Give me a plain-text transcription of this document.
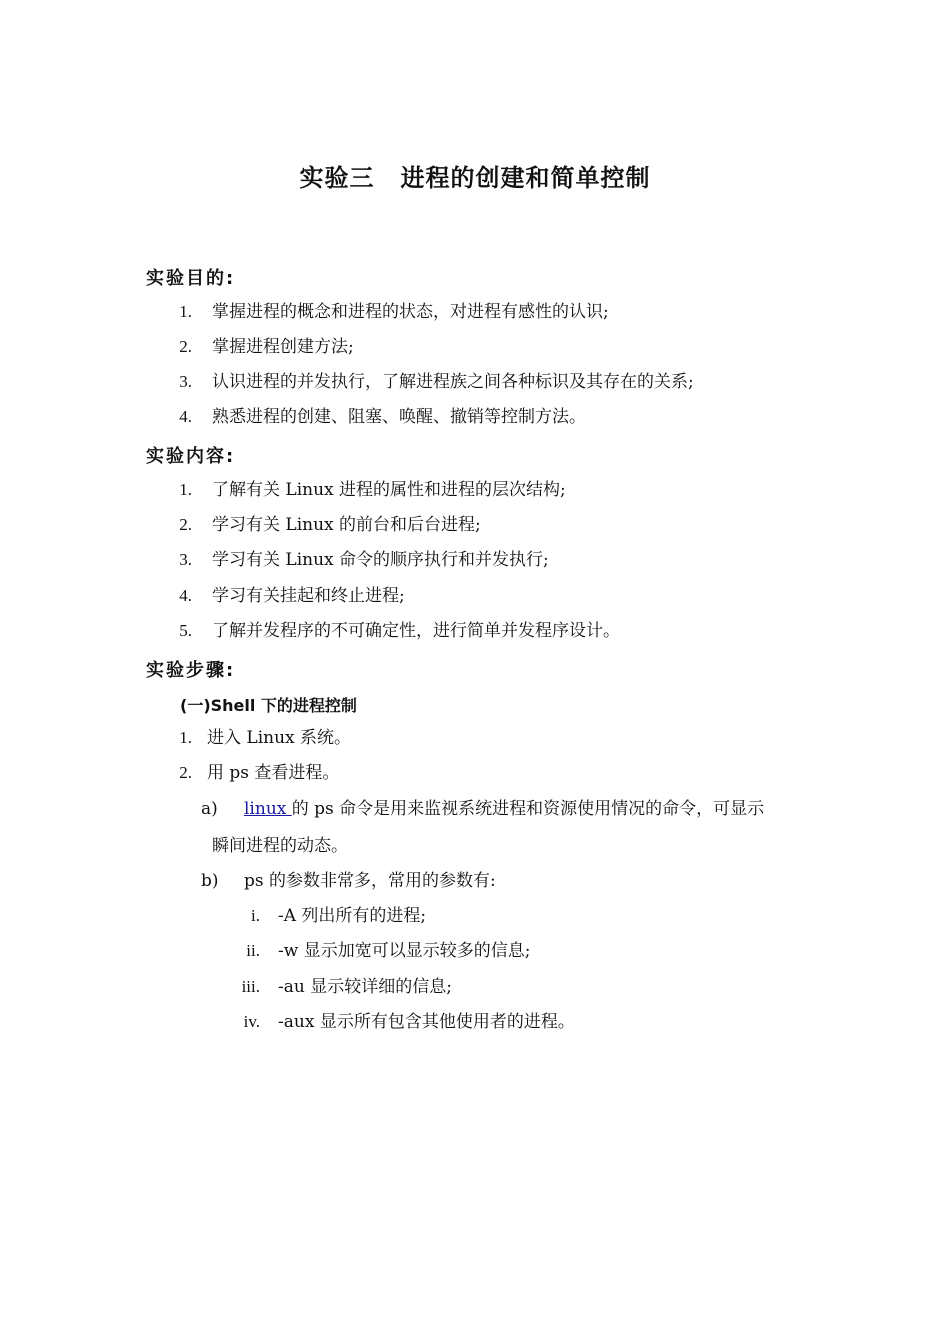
实验三 进程的创建和简单控制
实验目的:
1. 掌握进程的概念和进程的状态，对进程有感性的认识;
2. 掌握进程创建方法;
3. 认识进程的并发执行，了解进程族之间各种标识及其存在的关系;
4. 熟悉进程的创建、阻塞、唤醒、撤销等控制方法。
实验内容:
1. 了解有关 Linux 进程的属性和进程的层次结构;
2. 学习有关 Linux 的前台和后台进程;
3. 学习有关 Linux 命令的顺序执行和并发执行;
4. 学习有关挂起和终止进程;
5. 了解并发程序的不可确定性，进行简单并发程序设计。
实验步骤:
(一)Shell 下的进程控制
1. 进入 Linux 系统。
2. 用 ps 查看进程。
a) linux 的 ps 命令是用来监视系统进程和资源使用情况的命令，可显示
瞬间进程的动态。
b) ps 的参数非常多，常用的参数有:
i. -A 列出所有的进程;
ii. -w 显示加宽可以显示较多的信息;
iii. -au 显示较详细的信息;
iv. -aux 显示所有包含其他使用者的进程。
